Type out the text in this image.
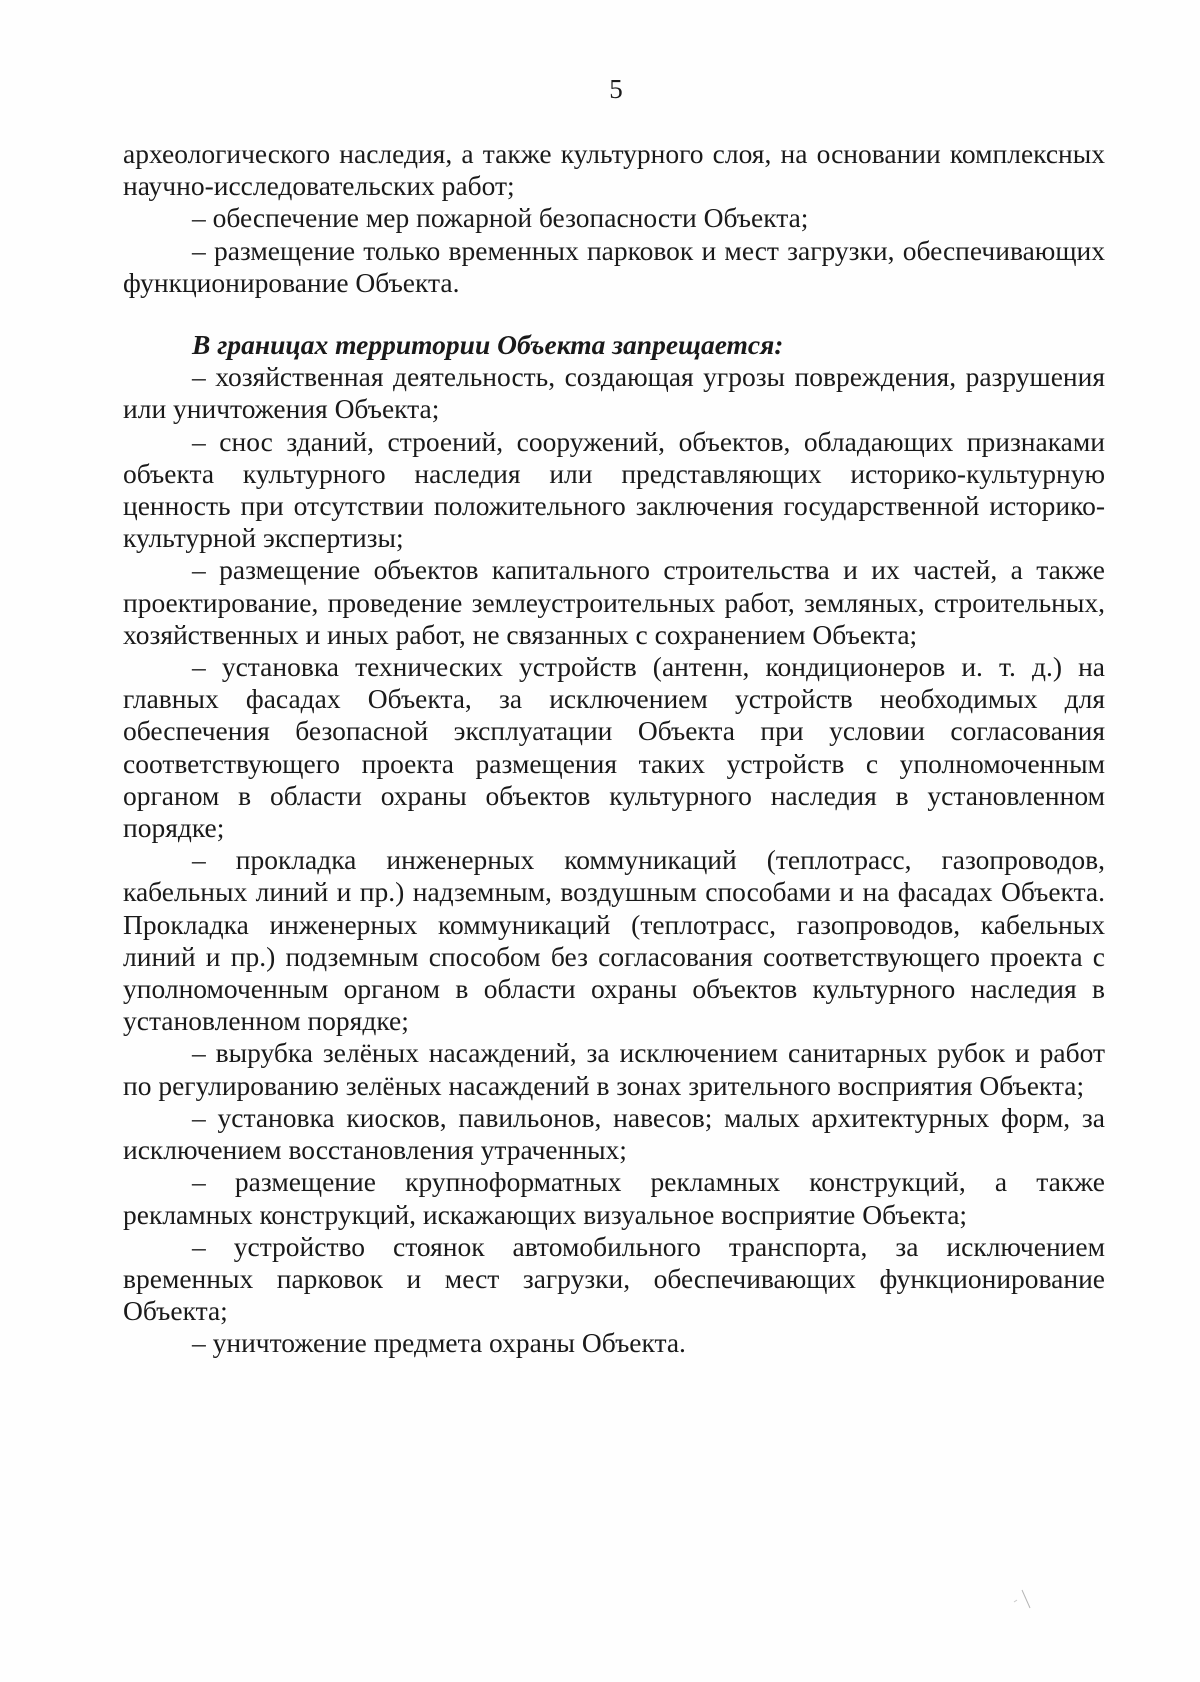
5

археологического наследия, а также культурного слоя, на основании комплексных научно-исследовательских работ;

– обеспечение мер пожарной безопасности Объекта;

– размещение только временных парковок и мест загрузки, обеспечивающих функционирование Объекта.

В границах территории Объекта запрещается:

– хозяйственная деятельность, создающая угрозы повреждения, разрушения или уничтожения Объекта;

– снос зданий, строений, сооружений, объектов, обладающих признаками объекта культурного наследия или представляющих историко-культурную ценность при отсутствии положительного заключения государственной историко-культурной экспертизы;

– размещение объектов капитального строительства и их частей, а также проектирование, проведение землеустроительных работ, земляных, строительных, хозяйственных и иных работ, не связанных с сохранением Объекта;

– установка технических устройств (антенн, кондиционеров и. т. д.) на главных фасадах Объекта, за исключением устройств необходимых для обеспечения безопасной эксплуатации Объекта при условии согласования соответствующего проекта размещения таких устройств с уполномоченным органом в области охраны объектов культурного наследия в установленном порядке;

– прокладка инженерных коммуникаций (теплотрасс, газопроводов, кабельных линий и пр.) надземным, воздушным способами и на фасадах Объекта. Прокладка инженерных коммуникаций (теплотрасс, газопроводов, кабельных линий и пр.) подземным способом без согласования соответствующего проекта с уполномоченным органом в области охраны объектов культурного наследия в установленном порядке;

– вырубка зелёных насаждений, за исключением санитарных рубок и работ по регулированию зелёных насаждений в зонах зрительного восприятия Объекта;

– установка киосков, павильонов, навесов; малых архитектурных форм, за исключением восстановления утраченных;

– размещение крупноформатных рекламных конструкций, а также рекламных конструкций, искажающих визуальное восприятие Объекта;

– устройство стоянок автомобильного транспорта, за исключением временных парковок и мест загрузки, обеспечивающих функционирование Объекта;

– уничтожение предмета охраны Объекта.
